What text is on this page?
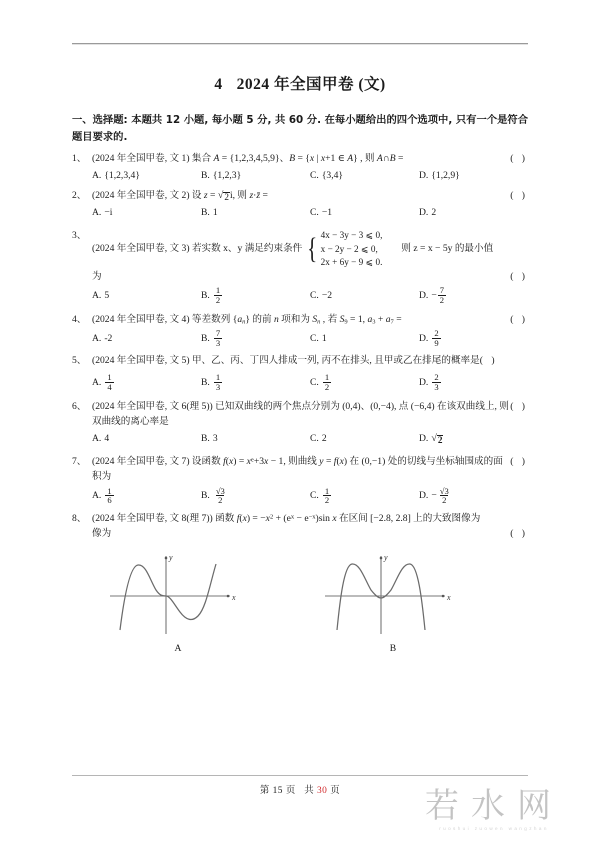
4 2024 年全国甲卷 (文)
一、选择题: 本题共 12 小题, 每小题 5 分, 共 60 分. 在每小题给出的四个选项中, 只有一个是符合题目要求的.
1、	( )
(2024 年全国甲卷, 文 1) 集合 A = {1,2,3,4,5,9}、B = {x | x+1 ∈ A} , 则 A∩B =
A. {1,2,3,4}	B. {1,2,3}	C. {3,4}	D. {1,2,9}
2、	( )
(2024 年全国甲卷, 文 2) 设 z = √ 2 i, 则 z·z̄ =
A. −i	B. 1	C. −1	D. 2
3、
(2024 年全国甲卷, 文 3) 若实数 x、y 满足约束条件 { 4x − 3y − 3 ⩽ 0,
x − 2y − 2 ⩽ 0,
2x + 6y − 9 ⩽ 0.
则 z = x − 5y 的最小值
为	( )
A. 5	B. $\frac{1}{2}$	C. −2	D. − $\frac{7}{2}$
4、	( )
(2024 年全国甲卷, 文 4) 等差数列 $\{a_n\}$ 的前 n 项和为 $S_n$ , 若 $S_9 = 1$, $a_3 + a_7$ =
A. -2	B. $\frac{7}{3}$	C. 1	D. $\frac{2}{9}$
5、 (2024 年全国甲卷, 文 5) 甲、乙、丙、丁四人排成一列, 丙不在排头, 且甲或乙在排尾的概率是( )
A. $\frac{1}{4}$	B. $\frac{1}{3}$	C. $\frac{1}{2}$	D. $\frac{2}{3}$
6、	( )
(2024 年全国甲卷, 文 6(理 5)) 已知双曲线的两个焦点分别为 (0,4)、(0,−4), 点 (−6,4) 在该双曲线上, 则双曲线的离心率是
A. 4	B. 3	C. 2	D. √ 2
7、	( )
(2024 年全国甲卷, 文 7) 设函数 $f(x) = x^e+3x - 1$, 则曲线 y = f(x) 在 (0,−1) 处的切线与坐标轴围成的面积为
A. $\frac{1}{6}$	B. $\frac{√3}{2}$	C. $\frac{1}{2}$	D. − $\frac{√3}{2}$
8、 (2024 年全国甲卷, 文 8(理 7)) 函数 $f(x) = -x^2 + (e^x - e^{-x})\sin$ x 在区间 [−2.8, 2.8] 上的大致图像为
像为	( )
y
x
A
y
x
B
第 15 页 共 30 页	若水网
ruoshui zuowen wangzhan
